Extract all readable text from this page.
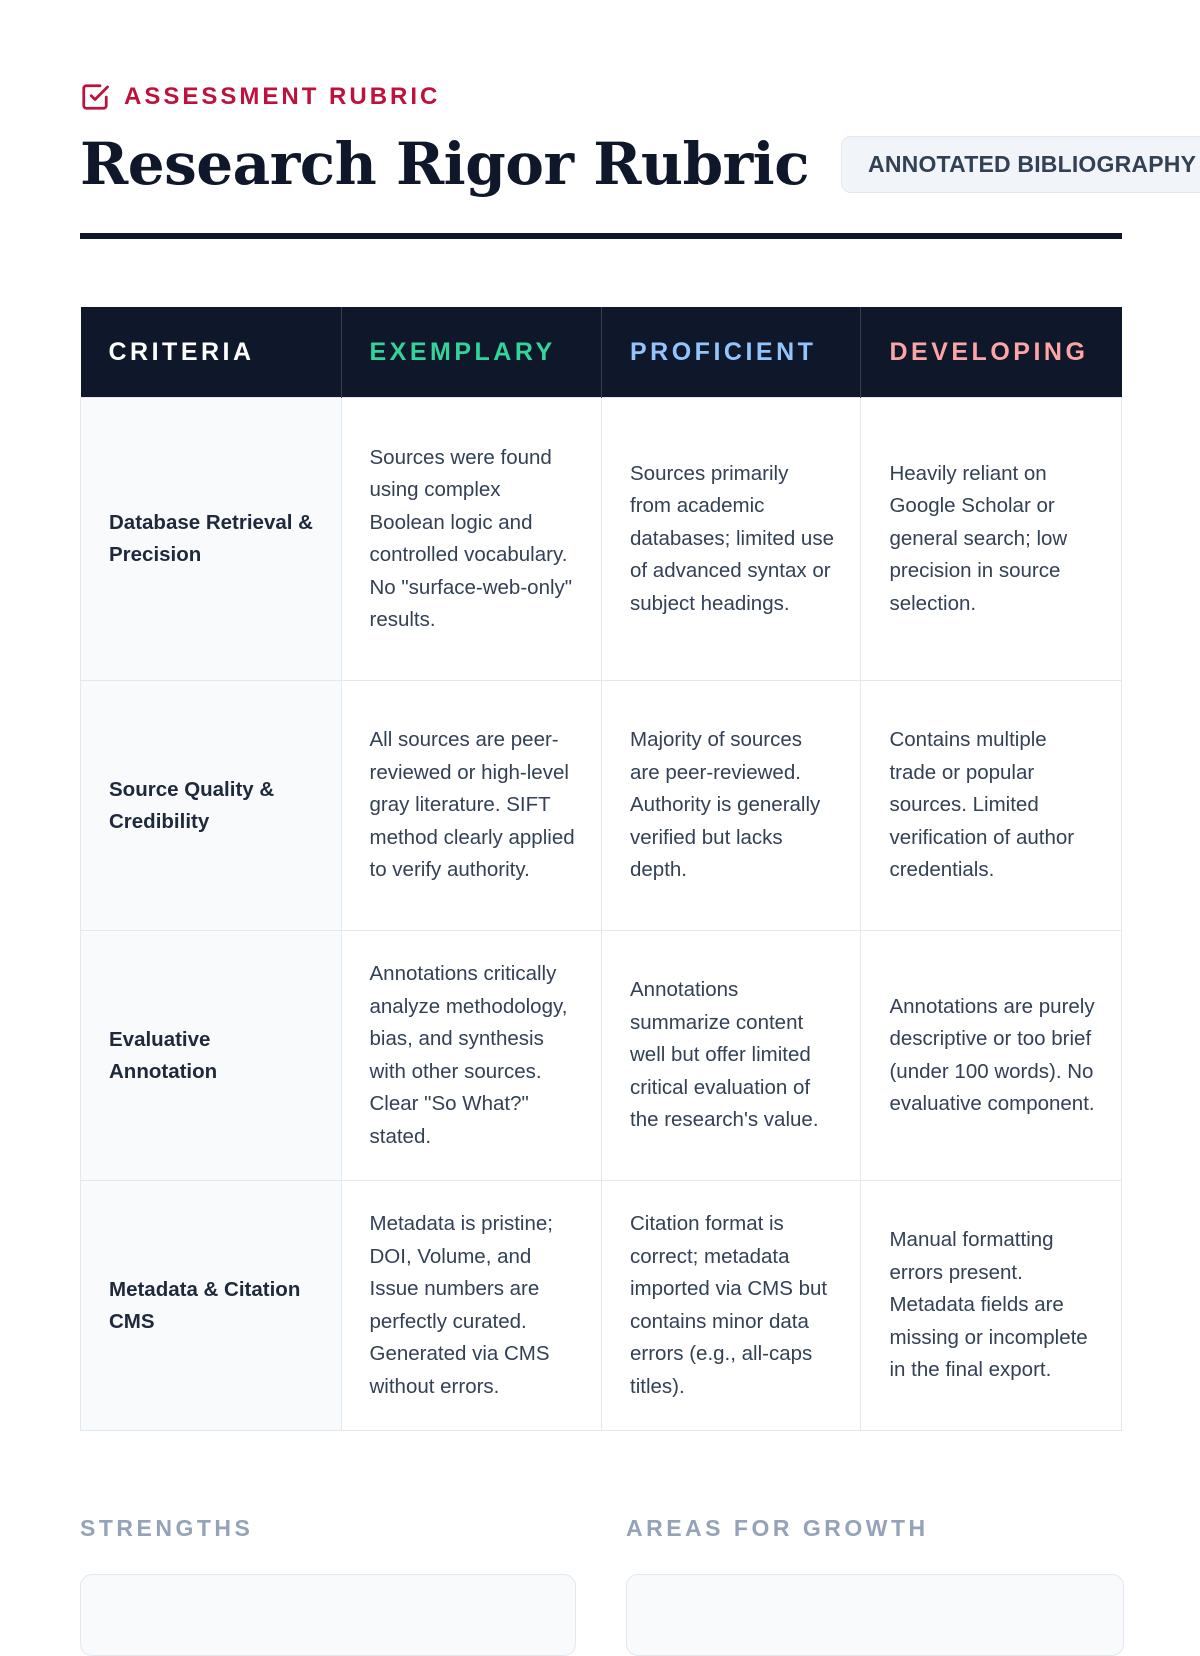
ASSESSMENT RUBRIC
Research Rigor Rubric	ANNOTATED BIBLIOGRAPHY
CRITERIA	EXEMPLARY	PROFICIENT	DEVELOPING
Database Retrieval & Precision	Sources were found using complex Boolean logic and controlled vocabulary. No "surface-web-only" results.	Sources primarily from academic databases; limited use of advanced syntax or subject headings.	Heavily reliant on Google Scholar or general search; low precision in source selection.
Source Quality & Credibility	All sources are peer-reviewed or high-level gray literature. SIFT method clearly applied to verify authority.	Majority of sources are peer-reviewed. Authority is generally verified but lacks depth.	Contains multiple trade or popular sources. Limited verification of author credentials.
Evaluative Annotation	Annotations critically analyze methodology, bias, and synthesis with other sources. Clear "So What?" stated.	Annotations summarize content well but offer limited critical evaluation of the research's value.	Annotations are purely descriptive or too brief (under 100 words). No evaluative component.
Metadata & Citation CMS	Metadata is pristine; DOI, Volume, and Issue numbers are perfectly curated. Generated via CMS without errors.	Citation format is correct; metadata imported via CMS but contains minor data errors (e.g., all-caps titles).	Manual formatting errors present. Metadata fields are missing or incomplete in the final export.
STRENGTHS	AREAS FOR GROWTH
